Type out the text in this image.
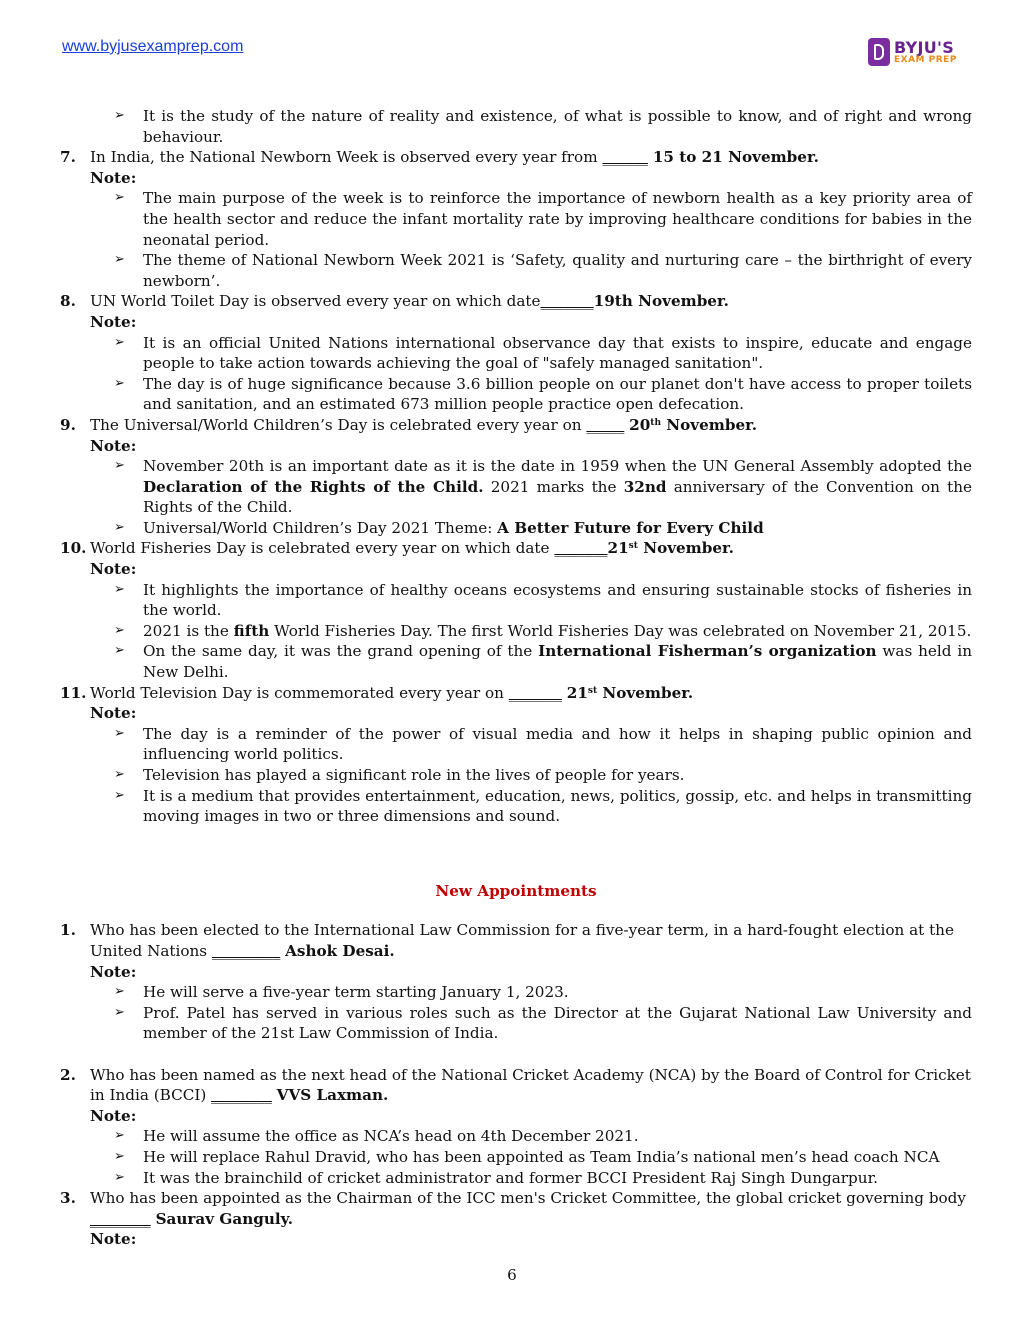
www.byjusexamprep.com	BYJU'S
EXAM PREP
➢ It is the study of the nature of reality and existence, of what is possible to know, and of right and wrong behaviour.
7. In India, the National Newborn Week is observed every year from ______ 15 to 21 November.
Note:
➢ The main purpose of the week is to reinforce the importance of newborn health as a key priority area of the health sector and reduce the infant mortality rate by improving healthcare conditions for babies in the neonatal period.
➢ The theme of National Newborn Week 2021 is ‘Safety, quality and nurturing care – the birthright of every newborn’.
8. UN World Toilet Day is observed every year on which date_______19th November.
Note:
➢ It is an official United Nations international observance day that exists to inspire, educate and engage people to take action towards achieving the goal of "safely managed sanitation".
➢ The day is of huge significance because 3.6 billion people on our planet don't have access to proper toilets and sanitation, and an estimated 673 million people practice open defecation.
9. The Universal/World Children’s Day is celebrated every year on _____ 20th November.
Note:
➢ November 20th is an important date as it is the date in 1959 when the UN General Assembly adopted the Declaration of the Rights of the Child. 2021 marks the 32nd anniversary of the Convention on the Rights of the Child.
➢ Universal/World Children’s Day 2021 Theme: A Better Future for Every Child
10. World Fisheries Day is celebrated every year on which date _______21st November.
Note:
➢ It highlights the importance of healthy oceans ecosystems and ensuring sustainable stocks of fisheries in the world.
➢ 2021 is the fifth World Fisheries Day. The first World Fisheries Day was celebrated on November 21, 2015.
➢ On the same day, it was the grand opening of the International Fisherman’s organization was held in New Delhi.
11. World Television Day is commemorated every year on _______ 21st November.
Note:
➢ The day is a reminder of the power of visual media and how it helps in shaping public opinion and influencing world politics.
➢ Television has played a significant role in the lives of people for years.
➢ It is a medium that provides entertainment, education, news, politics, gossip, etc. and helps in transmitting moving images in two or three dimensions and sound.
New Appointments
1. Who has been elected to the International Law Commission for a five-year term, in a hard-fought election at the United Nations _________ Ashok Desai.
Note:
➢ He will serve a five-year term starting January 1, 2023.
➢ Prof. Patel has served in various roles such as the Director at the Gujarat National Law University and member of the 21st Law Commission of India.
2. Who has been named as the next head of the National Cricket Academy (NCA) by the Board of Control for Cricket in India (BCCI) ________ VVS Laxman.
Note:
➢ He will assume the office as NCA’s head on 4th December 2021.
➢ He will replace Rahul Dravid, who has been appointed as Team India’s national men’s head coach NCA
➢ It was the brainchild of cricket administrator and former BCCI President Raj Singh Dungarpur.
3. Who has been appointed as the Chairman of the ICC men's Cricket Committee, the global cricket governing body ________ Saurav Ganguly.
Note:
6
